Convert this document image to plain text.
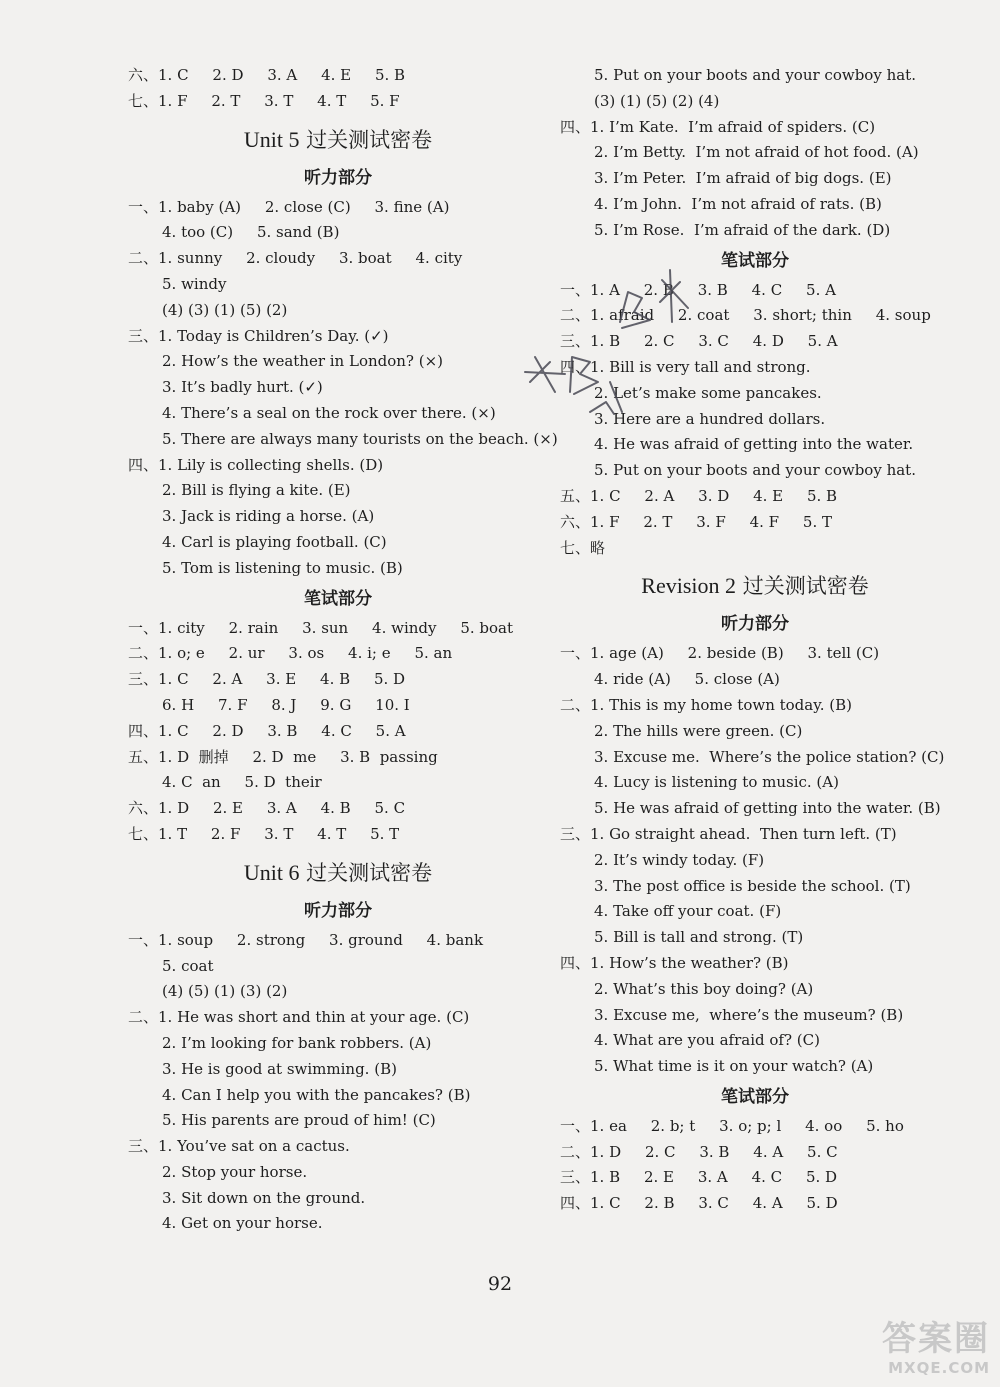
六、1. C     2. D     3. A     4. E     5. B
七、1. F     2. T     3. T     4. T     5. F
Unit 5 过关测试密卷
听力部分
一、1. baby (A)     2. close (C)     3. fine (A)
4. too (C)     5. sand (B)
二、1. sunny     2. cloudy     3. boat     4. city
5. windy
(4) (3) (1) (5) (2)
三、1. Today is Children’s Day. (✓)
2. How’s the weather in London? (×)
3. It’s badly hurt. (✓)
4. There’s a seal on the rock over there. (×)
5. There are always many tourists on the beach. (×)
四、1. Lily is collecting shells. (D)
2. Bill is flying a kite. (E)
3. Jack is riding a horse. (A)
4. Carl is playing football. (C)
5. Tom is listening to music. (B)
笔试部分
一、1. city     2. rain     3. sun     4. windy     5. boat
二、1. o; e     2. ur     3. os     4. i; e     5. an
三、1. C     2. A     3. E     4. B     5. D
6. H     7. F     8. J     9. G     10. I
四、1. C     2. D     3. B     4. C     5. A
五、1. D  删掉     2. D  me     3. B  passing
4. C  an     5. D  their
六、1. D     2. E     3. A     4. B     5. C
七、1. T     2. F     3. T     4. T     5. T
Unit 6 过关测试密卷
听力部分
一、1. soup     2. strong     3. ground     4. bank
5. coat
(4) (5) (1) (3) (2)
二、1. He was short and thin at your age. (C)
2. I’m looking for bank robbers. (A)
3. He is good at swimming. (B)
4. Can I help you with the pancakes? (B)
5. His parents are proud of him! (C)
三、1. You’ve sat on a cactus.
2. Stop your horse.
3. Sit down on the ground.
4. Get on your horse.
5. Put on your boots and your cowboy hat.
(3) (1) (5) (2) (4)
四、1. I’m Kate.  I’m afraid of spiders. (C)
2. I’m Betty.  I’m not afraid of hot food. (A)
3. I’m Peter.  I’m afraid of big dogs. (E)
4. I’m John.  I’m not afraid of rats. (B)
5. I’m Rose.  I’m afraid of the dark. (D)
笔试部分
一、1. A     2. B     3. B     4. C     5. A
二、1. afraid     2. coat     3. short; thin     4. soup
三、1. B     2. C     3. C     4. D     5. A
四、1. Bill is very tall and strong.
2. Let’s make some pancakes.
3. Here are a hundred dollars.
4. He was afraid of getting into the water.
5. Put on your boots and your cowboy hat.
五、1. C     2. A     3. D     4. E     5. B
六、1. F     2. T     3. F     4. F     5. T
七、略
Revision 2 过关测试密卷
听力部分
一、1. age (A)     2. beside (B)     3. tell (C)
4. ride (A)     5. close (A)
二、1. This is my home town today. (B)
2. The hills were green. (C)
3. Excuse me.  Where’s the police station? (C)
4. Lucy is listening to music. (A)
5. He was afraid of getting into the water. (B)
三、1. Go straight ahead.  Then turn left. (T)
2. It’s windy today. (F)
3. The post office is beside the school. (T)
4. Take off your coat. (F)
5. Bill is tall and strong. (T)
四、1. How’s the weather? (B)
2. What’s this boy doing? (A)
3. Excuse me,  where’s the museum? (B)
4. What are you afraid of? (C)
5. What time is it on your watch? (A)
笔试部分
一、1. ea     2. b; t     3. o; p; l     4. oo     5. ho
二、1. D     2. C     3. B     4. A     5. C
三、1. B     2. E     3. A     4. C     5. D
四、1. C     2. B     3. C     4. A     5. D
92
答案圈
MXQE.COM
